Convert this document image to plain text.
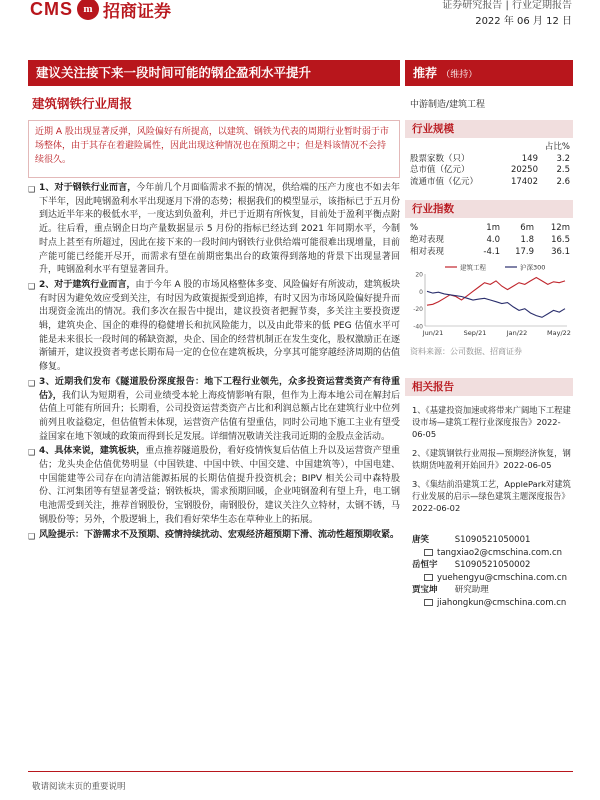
CMS m 招商证券	证券研究报告 | 行业定期报告
2022 年 06 月 12 日
建议关注接下来一段时间可能的钢企盈利水平提升	推荐 （维持）
建筑钢铁行业周报	中游制造/建筑工程
近期 A 股出现显著反弹，风险偏好有所提高，以建筑、钢铁为代表的周期行业暂时弱于市场整体，由于其存在着避险属性，因此出现这种情况也在预期之中；但是料该情况不会持续很久。
❑ 1、对于钢铁行业而言，今年前几个月面临需求不振的情况，供给端的压产力度也不如去年下半年，因此吨钢盈利水平出现逐月下滑的态势；根据我们的模型显示，该指标已于五月份到达近半年来的极低水平，一度达到负盈利，并已于近期有所恢复，目前处于盈利平衡点附近。往后看，重点钢企日均产量数据显示 5 月份的指标已经达到 2021 年同期水平，今制时点上甚至有所超过，因此在接下来的一段时间内钢铁行业供给端可能很难出现增量，目前产能可能已经能开尽开，而需求有望在前期密集出台的政策得到落地的背景下出现显著回升，吨钢盈利水平有望显著回升。
❑ 2、对于建筑行业而言，由于今年 A 股的市场风格整体多变、风险偏好有所波动，建筑板块有时因为避免效应受到关注，有时因为政策提振受到追捧，有时又因为市场风险偏好提升而出现资金流出的情况。我们多次在报告中提出，建议投资者把握节奏，多关注主要投资逻辑，建筑央企、国企的难得的稳健增长和抗风险能力，以及由此带来的低 PEG 估值水平可能是未来很长一段时间的稀缺资源，央企、国企的经营机制正在发生变化，股权激励正在逐渐铺开，建议投资者考虑长期布局一定的仓位在建筑板块，分享其可能穿越经济周期的估值修复。
❑ 3、近期我们发布《隧道股份深度报告：地下工程行业领先，众多投资运营类资产有待重估》，我们认为短期看，公司业绩受本轮上海疫情影响有限，但作为上海本地公司在解封后估值上可能有所回升；长期看，公司投资运营类资产占比和利润总额占比在建筑行业中位列前列且收益稳定，但估值暂未体现，运营资产估值有望重估，同时公司地下施工主业有望受益国家在地下领域的政策而得到长足发展。详细情况敬请关注我司近期的金股点金活动。
❑ 4、具体来说，建筑板块，重点推荐隧道股份，看好疫情恢复后估值上升以及运营资产望重估；龙头央企估值优势明显（中国铁建、中国中铁、中国交建、中国建筑等），中国电建、中国能建等公司存在向清洁能源拓展的长期估值提升投资机会；BIPV 相关公司中森特股份、江河集团等有望显著受益；钢铁板块，需求预期回暖，企业吨钢盈利有望上升，电工钢电池需受到关注，推荐首钢股份，宝钢股份，南钢股份，建议关注久立特材，太钢不锈，马钢股份等；另外，个股逻辑上，我们看好荣华生态在草种业上的拓展。
❑ 风险提示：下游需求不及预期、疫情持续扰动、宏观经济超预期下滑、流动性超预期收紧。
行业规模
占比%
股票家数（只）	149	3.2
总市值（亿元）	20250	2.5
流通市值（亿元）	17402	2.6
行业指数
%	1m	6m	12m
绝对表现	4.0	1.8	16.5
相对表现	-4.1	17.9	36.1
20
0
-20
-40
Jun/21	Sep/21	Jan/22	May/22
建筑工程	沪深300
资料来源：公司数据、招商证券
相关报告
1、《基建投资加速或将带来广阔地下工程建设市场—建筑工程行业深度报告》2022-06-05
2、《建筑钢铁行业周报—预期经济恢复，钢铁期货吨盈利开始回升》2022-06-05
3、《集结前沿建筑工艺，ApplePark对建筑行业发展的启示—绿色建筑主题深度报告》2022-06-02
唐笑	S1090521050001
tangxiao2@cmschina.com.cn
岳恒宇 S1090521050002
yuehengyu@cmschina.com.cn
贾宝坤 研究助理
jiahongkun@cmschina.com.cn
敬请阅读末页的重要说明
